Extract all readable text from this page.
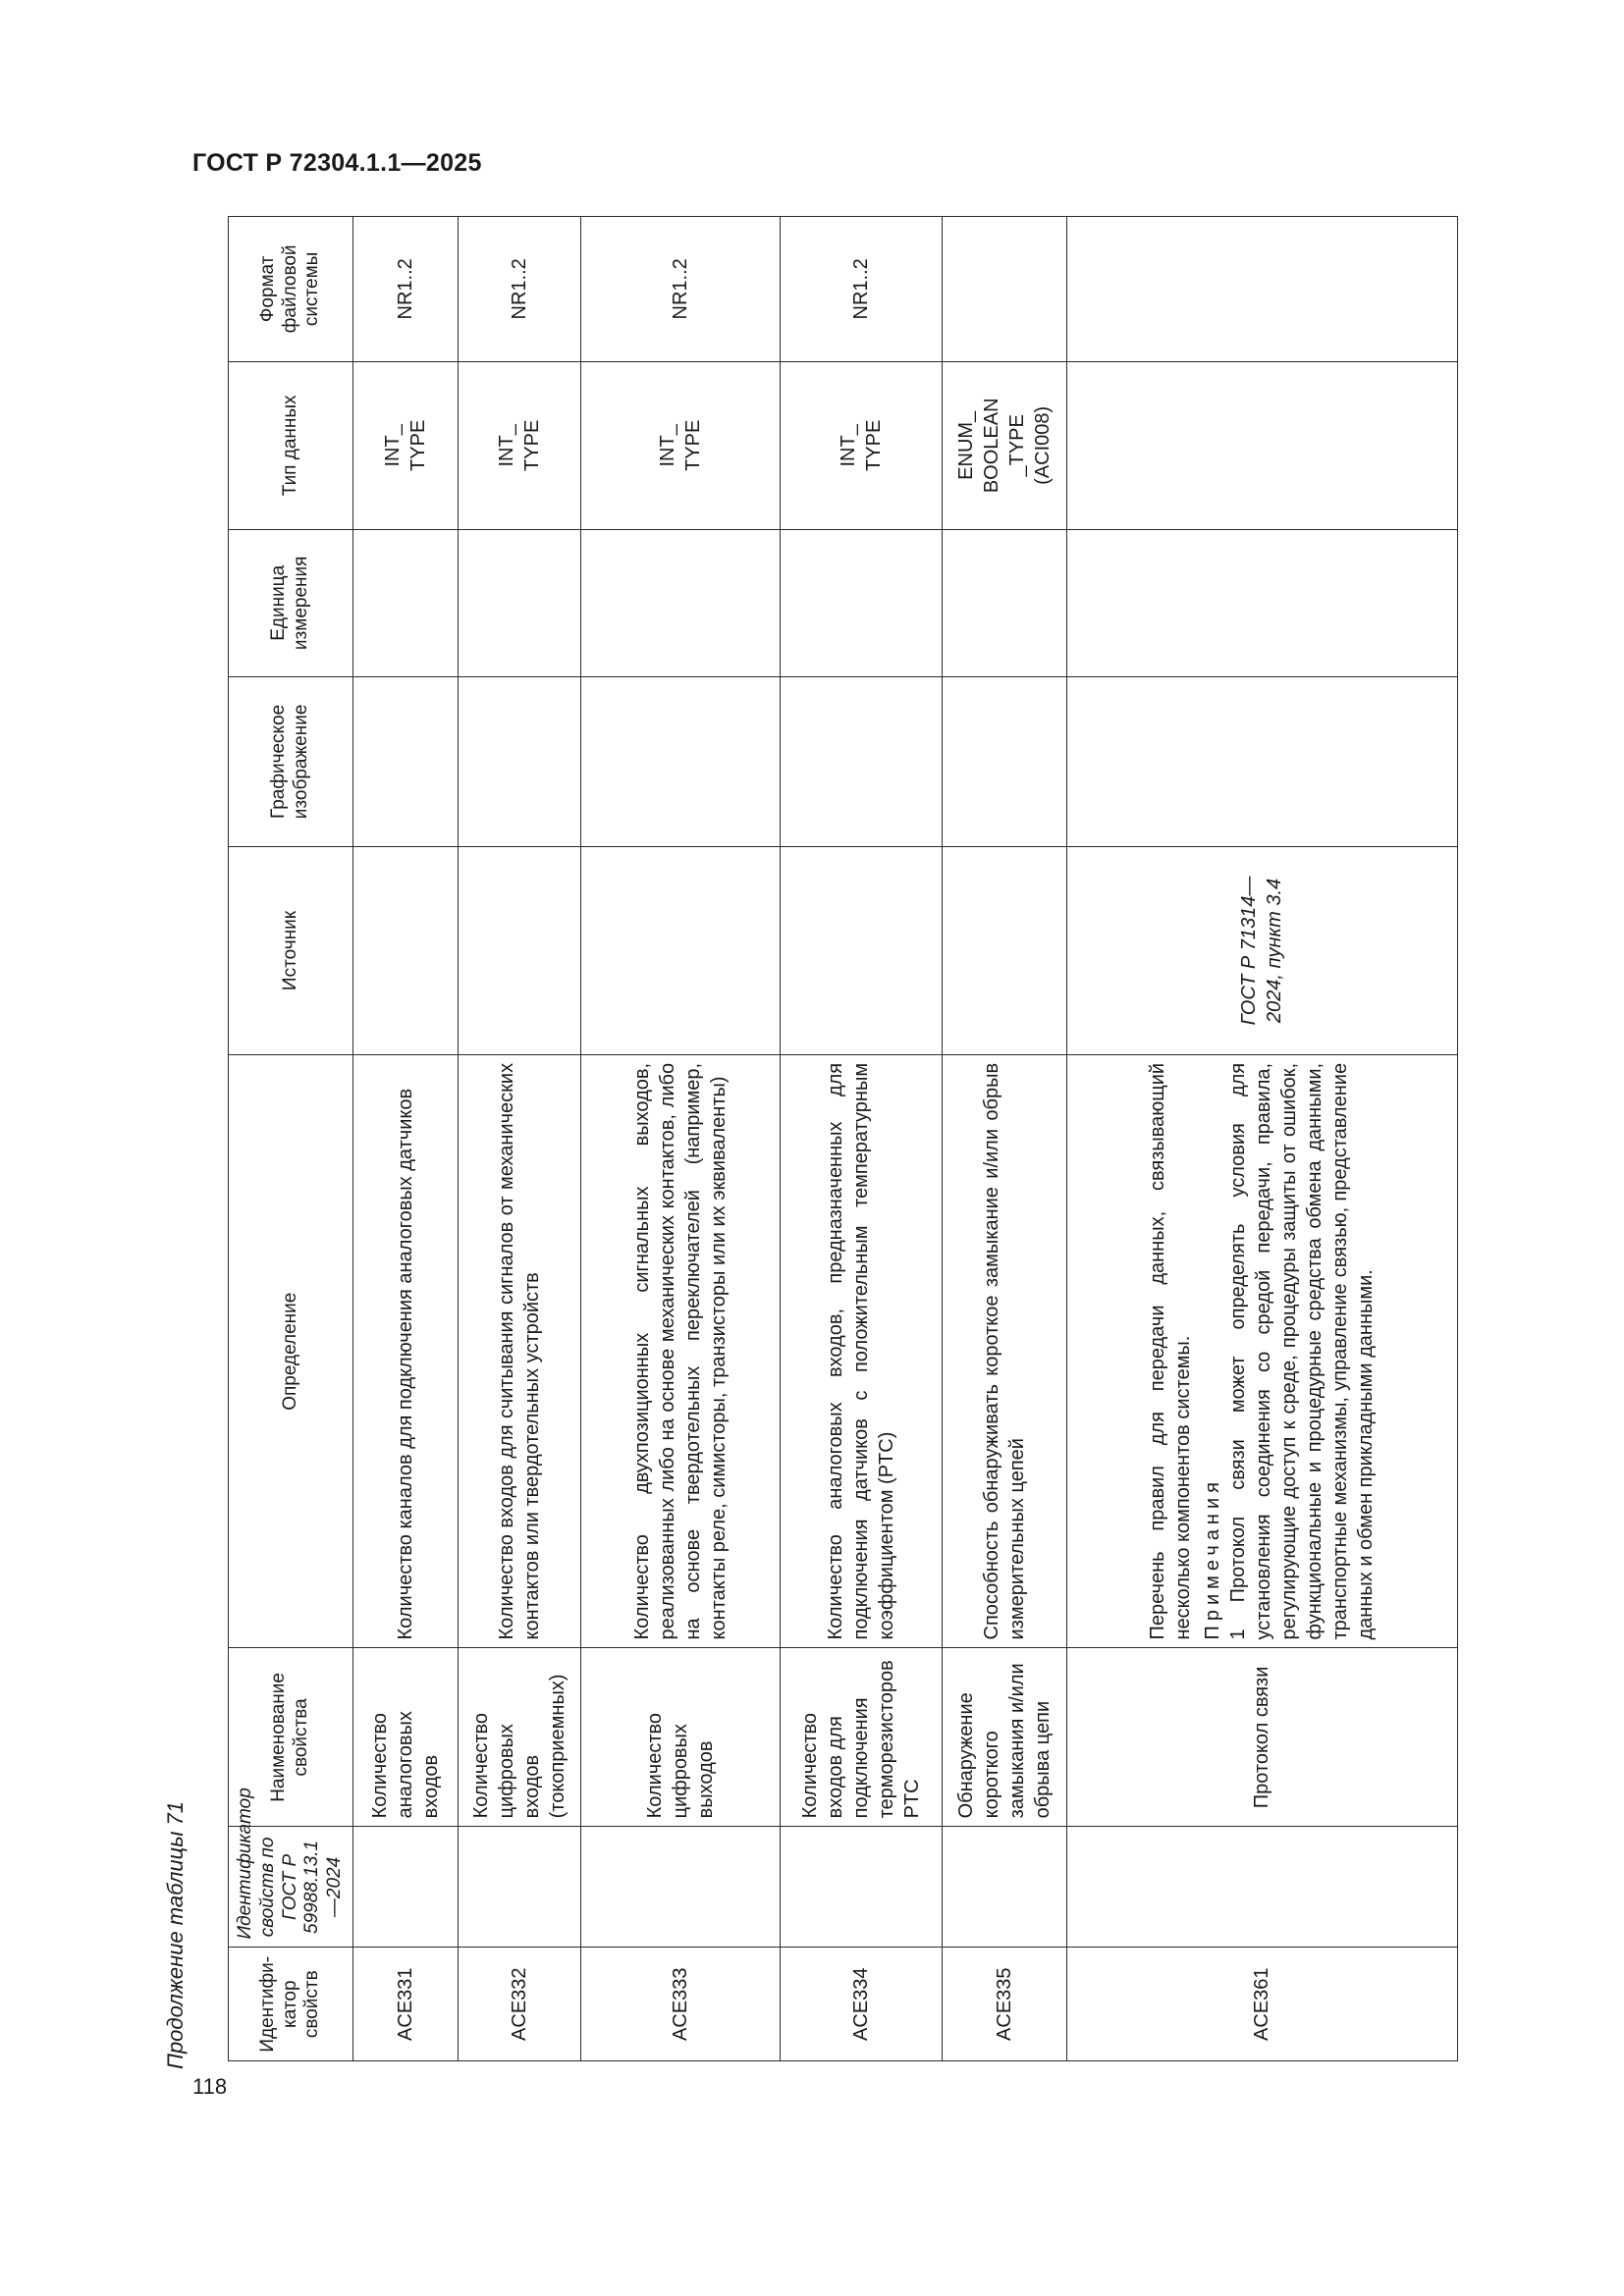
ГОСТ Р 72304.1.1—2025
118
Продолжение таблицы 71	Идентифи-
катор
свойств	Идентификатор свойств по ГОСТ Р 59988.13.1—2024	Наименование свойства	Определение	Источник	Графическое изображение	Единица измерения	Тип данных	Формат файловой системы
ACE331		Количество
аналоговых
входов	Количество каналов для подключения аналоговых датчиков				INT_
TYPE	NR1..2
ACE332		Количество цифровых входов (токоприемных)	Количество входов для считывания сигналов от механических контактов или твердотельных устройств				INT_
TYPE	NR1..2
ACE333		Количество цифровых выходов	Количество двухпозиционных сигнальных выходов, реализованных либо на основе механических контактов, либо на основе твердотельных переключателей (например, контакты реле, симисторы, транзисторы или их эквиваленты)				INT_
TYPE	NR1..2
ACE334		Количество входов для подключения терморезисторов PTC	Количество аналоговых входов, предназначенных для подключения датчиков с положительным температурным коэффициентом (PTC)				INT_
TYPE	NR1..2
ACE335		Обнаружение короткого замыкания и/или обрыва цепи	Способность обнаруживать короткое замыкание и/или обрыв измерительных цепей				ENUM_
BOOLEAN
_TYPE
(ACI008)	
ACE361		Протокол связи	Перечень правил для передачи данных, связывающий несколько компонентов системы. Примечания 1 Протокол связи может определять условия для установления соединения со средой передачи, правила, регулирующие доступ к среде, процедуры защиты от ошибок, функциональные и процедурные средства обмена данными, транспортные механизмы, управление связью, представление данных и обмен прикладными данными.	ГОСТ Р 71314—2024, пункт 3.4				
